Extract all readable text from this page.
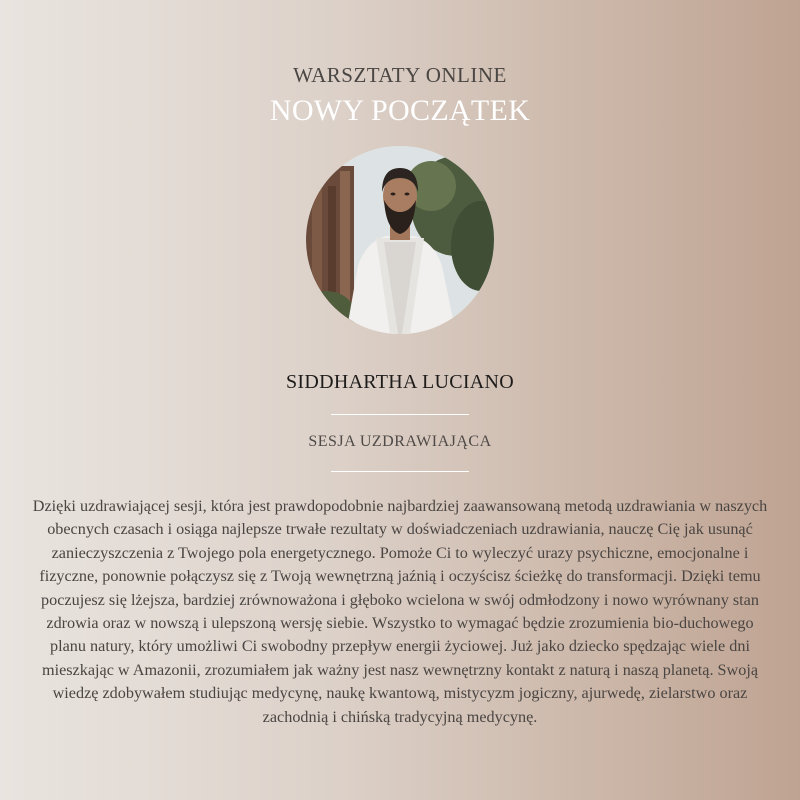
WARSZTATY ONLINE
NOWY POCZĄTEK
SIDDHARTHA LUCIANO
SESJA UZDRAWIAJĄCA
Dzięki uzdrawiającej sesji, która jest prawdopodobnie najbardziej zaawansowaną metodą uzdrawiania w naszych obecnych czasach i osiąga najlepsze trwałe rezultaty w doświadczeniach uzdrawiania, nauczę Cię jak usunąć zanieczyszczenia z Twojego pola energetycznego. Pomoże Ci to wyleczyć urazy psychiczne, emocjonalne i fizyczne, ponownie połączysz się z Twoją wewnętrzną jaźnią i oczyścisz ścieżkę do transformacji. Dzięki temu poczujesz się lżejsza, bardziej zrównoważona i głęboko wcielona w swój odmłodzony i nowo wyrównany stan zdrowia oraz w nowszą i ulepszoną wersję siebie. Wszystko to wymagać będzie zrozumienia bio-duchowego planu natury, który umożliwi Ci swobodny przepływ energii życiowej. Już jako dziecko spędzając wiele dni mieszkając w Amazonii, zrozumiałem jak ważny jest nasz wewnętrzny kontakt z naturą i naszą planetą. Swoją wiedzę zdobywałem studiując medycynę, naukę kwantową, mistycyzm jogiczny, ajurwedę, zielarstwo oraz zachodnią i chińską tradycyjną medycynę.
